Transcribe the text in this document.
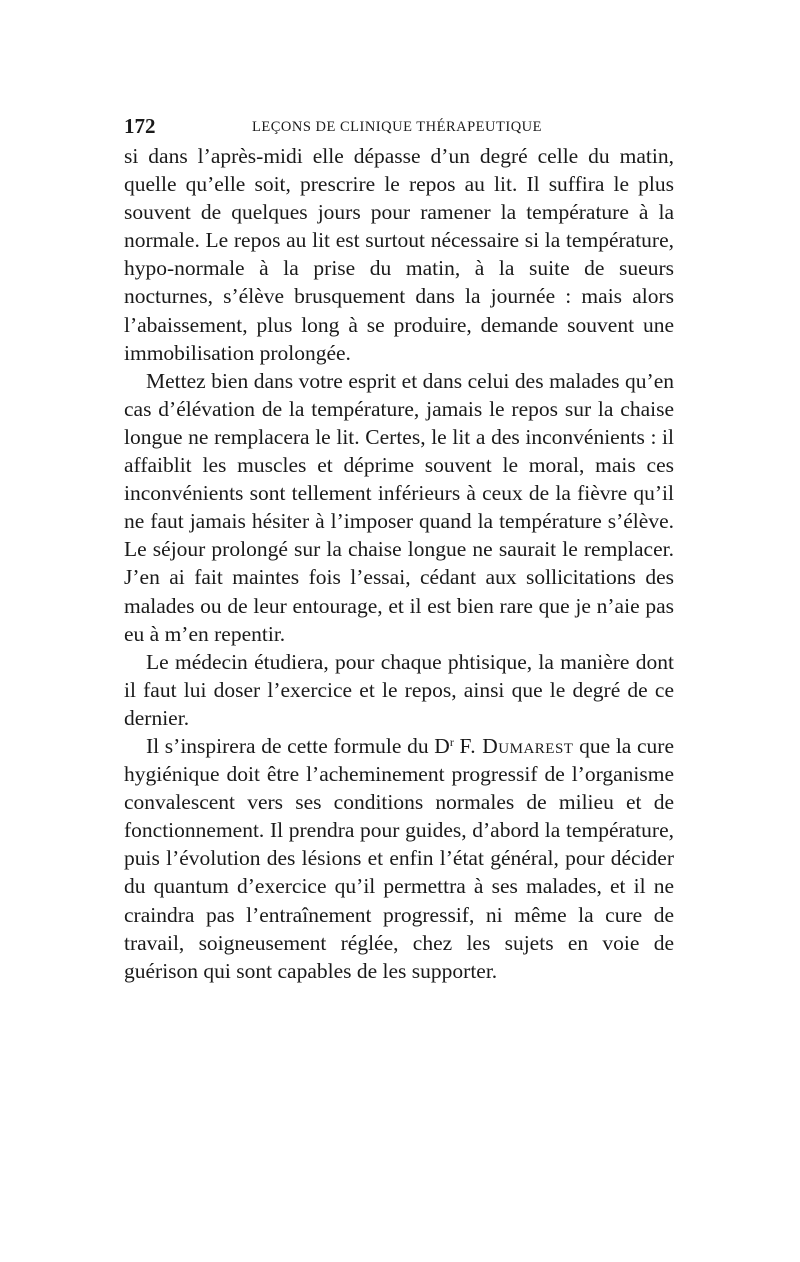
172	LEÇONS DE CLINIQUE THÉRAPEUTIQUE

si dans l’après-midi elle dépasse d’un degré celle du matin, quelle qu’elle soit, prescrire le repos au lit. Il suffira le plus souvent de quelques jours pour ramener la température à la normale. Le repos au lit est surtout nécessaire si la température, hypo-normale à la prise du matin, à la suite de sueurs nocturnes, s’élève brusquement dans la journée : mais alors l’abaissement, plus long à se produire, demande souvent une immobilisation prolongée.

Mettez bien dans votre esprit et dans celui des malades qu’en cas d’élévation de la température, jamais le repos sur la chaise longue ne remplacera le lit. Certes, le lit a des inconvénients : il affaiblit les muscles et déprime souvent le moral, mais ces inconvénients sont tellement inférieurs à ceux de la fièvre qu’il ne faut jamais hésiter à l’imposer quand la température s’élève. Le séjour prolongé sur la chaise longue ne saurait le remplacer. J’en ai fait maintes fois l’essai, cédant aux sollicitations des malades ou de leur entourage, et il est bien rare que je n’aie pas eu à m’en repentir.

Le médecin étudiera, pour chaque phtisique, la manière dont il faut lui doser l’exercice et le repos, ainsi que le degré de ce dernier.

Il s’inspirera de cette formule du $D^r$ F. Dumarest que la cure hygiénique doit être l’acheminement progressif de l’organisme convalescent vers ses conditions normales de milieu et de fonctionnement. Il prendra pour guides, d’abord la température, puis l’évolution des lésions et enfin l’état général, pour décider du quantum d’exercice qu’il permettra à ses malades, et il ne craindra pas l’entraînement progressif, ni même la cure de travail, soigneusement réglée, chez les sujets en voie de guérison qui sont capables de les supporter.
